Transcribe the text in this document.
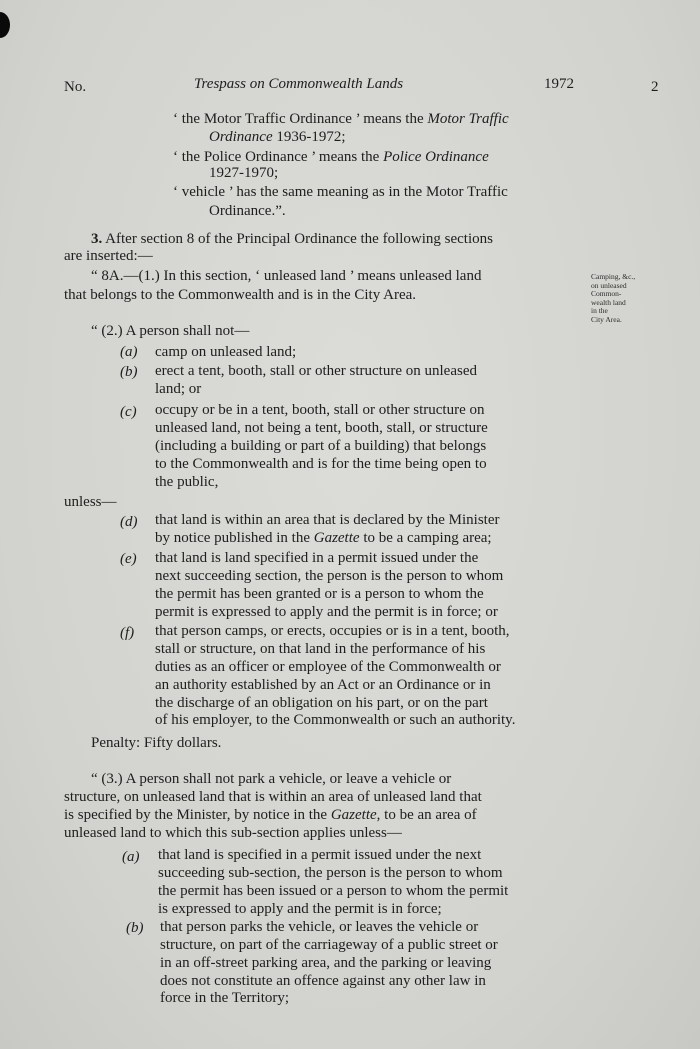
No.	Trespass on Commonwealth Lands	1972	2
‘ the Motor Traffic Ordinance ’ means the Motor Traffic
Ordinance 1936-1972;
‘ the Police Ordinance ’ means the Police Ordinance
1927-1970;
‘ vehicle ’ has the same meaning as in the Motor Traffic
Ordinance.”.
3. After section 8 of the Principal Ordinance the following sections
are inserted:—
“ 8A.—(1.) In this section, ‘ unleased land ’ means unleased land
that belongs to the Commonwealth and is in the City Area.
Camping, &c.,
on unleased
Common-
wealth land
in the
City Area.
“ (2.) A person shall not—
(a) camp on unleased land;
(b) erect a tent, booth, stall or other structure on unleased
land; or
(c) occupy or be in a tent, booth, stall or other structure on
unleased land, not being a tent, booth, stall, or structure
(including a building or part of a building) that belongs
to the Commonwealth and is for the time being open to
the public,
unless—
(d) that land is within an area that is declared by the Minister
by notice published in the Gazette to be a camping area;
(e) that land is land specified in a permit issued under the
next succeeding section, the person is the person to whom
the permit has been granted or is a person to whom the
permit is expressed to apply and the permit is in force; or
(f) that person camps, or erects, occupies or is in a tent, booth,
stall or structure, on that land in the performance of his
duties as an officer or employee of the Commonwealth or
an authority established by an Act or an Ordinance or in
the discharge of an obligation on his part, or on the part
of his employer, to the Commonwealth or such an authority.
Penalty: Fifty dollars.
“ (3.) A person shall not park a vehicle, or leave a vehicle or
structure, on unleased land that is within an area of unleased land that
is specified by the Minister, by notice in the Gazette, to be an area of
unleased land to which this sub-section applies unless—
(a) that land is specified in a permit issued under the next
succeeding sub-section, the person is the person to whom
the permit has been issued or a person to whom the permit
is expressed to apply and the permit is in force;
(b) that person parks the vehicle, or leaves the vehicle or
structure, on part of the carriageway of a public street or
in an off-street parking area, and the parking or leaving
does not constitute an offence against any other law in
force in the Territory;
